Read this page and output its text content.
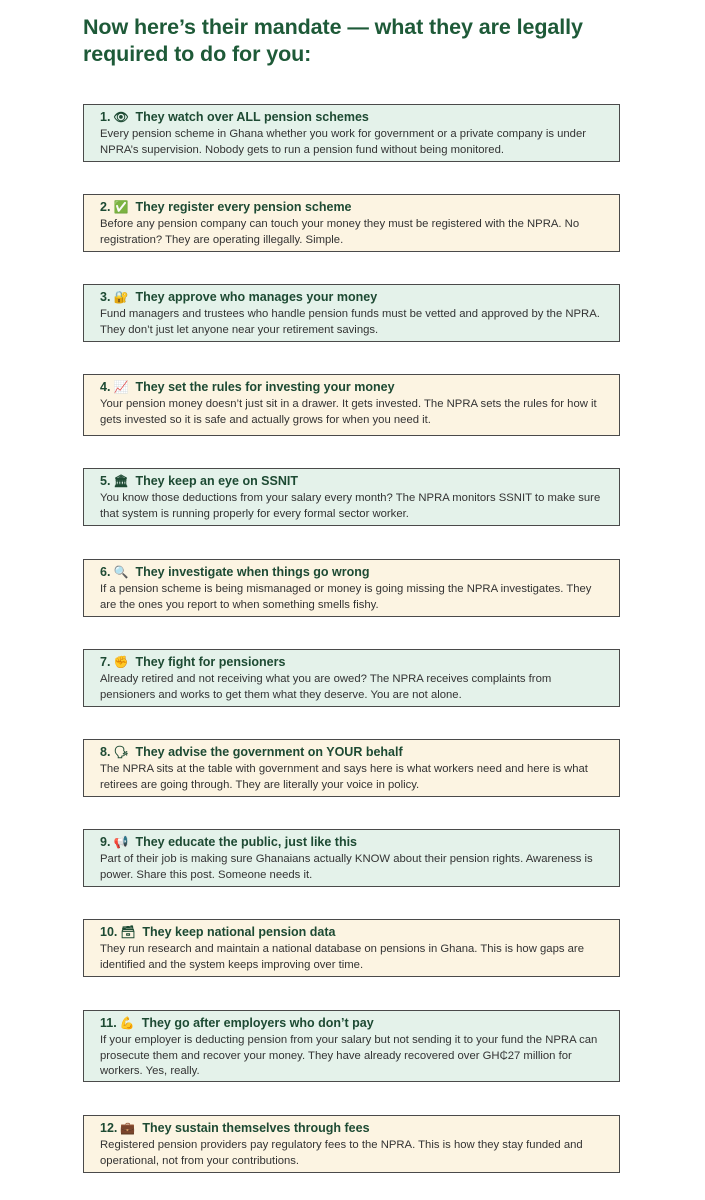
Now here’s their mandate — what they are legally required to do for you:
1. 👁 They watch over ALL pension schemes
Every pension scheme in Ghana whether you work for government or a private company is under NPRA’s supervision. Nobody gets to run a pension fund without being monitored.
2. ✅ They register every pension scheme
Before any pension company can touch your money they must be registered with the NPRA. No registration? They are operating illegally. Simple.
3. 🔐 They approve who manages your money
Fund managers and trustees who handle pension funds must be vetted and approved by the NPRA. They don’t just let anyone near your retirement savings.
4. 📈 They set the rules for investing your money
Your pension money doesn’t just sit in a drawer. It gets invested. The NPRA sets the rules for how it gets invested so it is safe and actually grows for when you need it.
5. 🏛 They keep an eye on SSNIT
You know those deductions from your salary every month? The NPRA monitors SSNIT to make sure that system is running properly for every formal sector worker.
6. 🔍 They investigate when things go wrong
If a pension scheme is being mismanaged or money is going missing the NPRA investigates. They are the ones you report to when something smells fishy.
7. ✊ They fight for pensioners
Already retired and not receiving what you are owed? The NPRA receives complaints from pensioners and works to get them what they deserve. You are not alone.
8. 🗣 They advise the government on YOUR behalf
The NPRA sits at the table with government and says here is what workers need and here is what retirees are going through. They are literally your voice in policy.
9. 📢 They educate the public, just like this
Part of their job is making sure Ghanaians actually KNOW about their pension rights. Awareness is power. Share this post. Someone needs it.
10. 🗃 They keep national pension data
They run research and maintain a national database on pensions in Ghana. This is how gaps are identified and the system keeps improving over time.
11. 💪 They go after employers who don’t pay
If your employer is deducting pension from your salary but not sending it to your fund the NPRA can prosecute them and recover your money. They have already recovered over GH₵27 million for workers. Yes, really.
12. 💼 They sustain themselves through fees
Registered pension providers pay regulatory fees to the NPRA. This is how they stay funded and operational, not from your contributions.
